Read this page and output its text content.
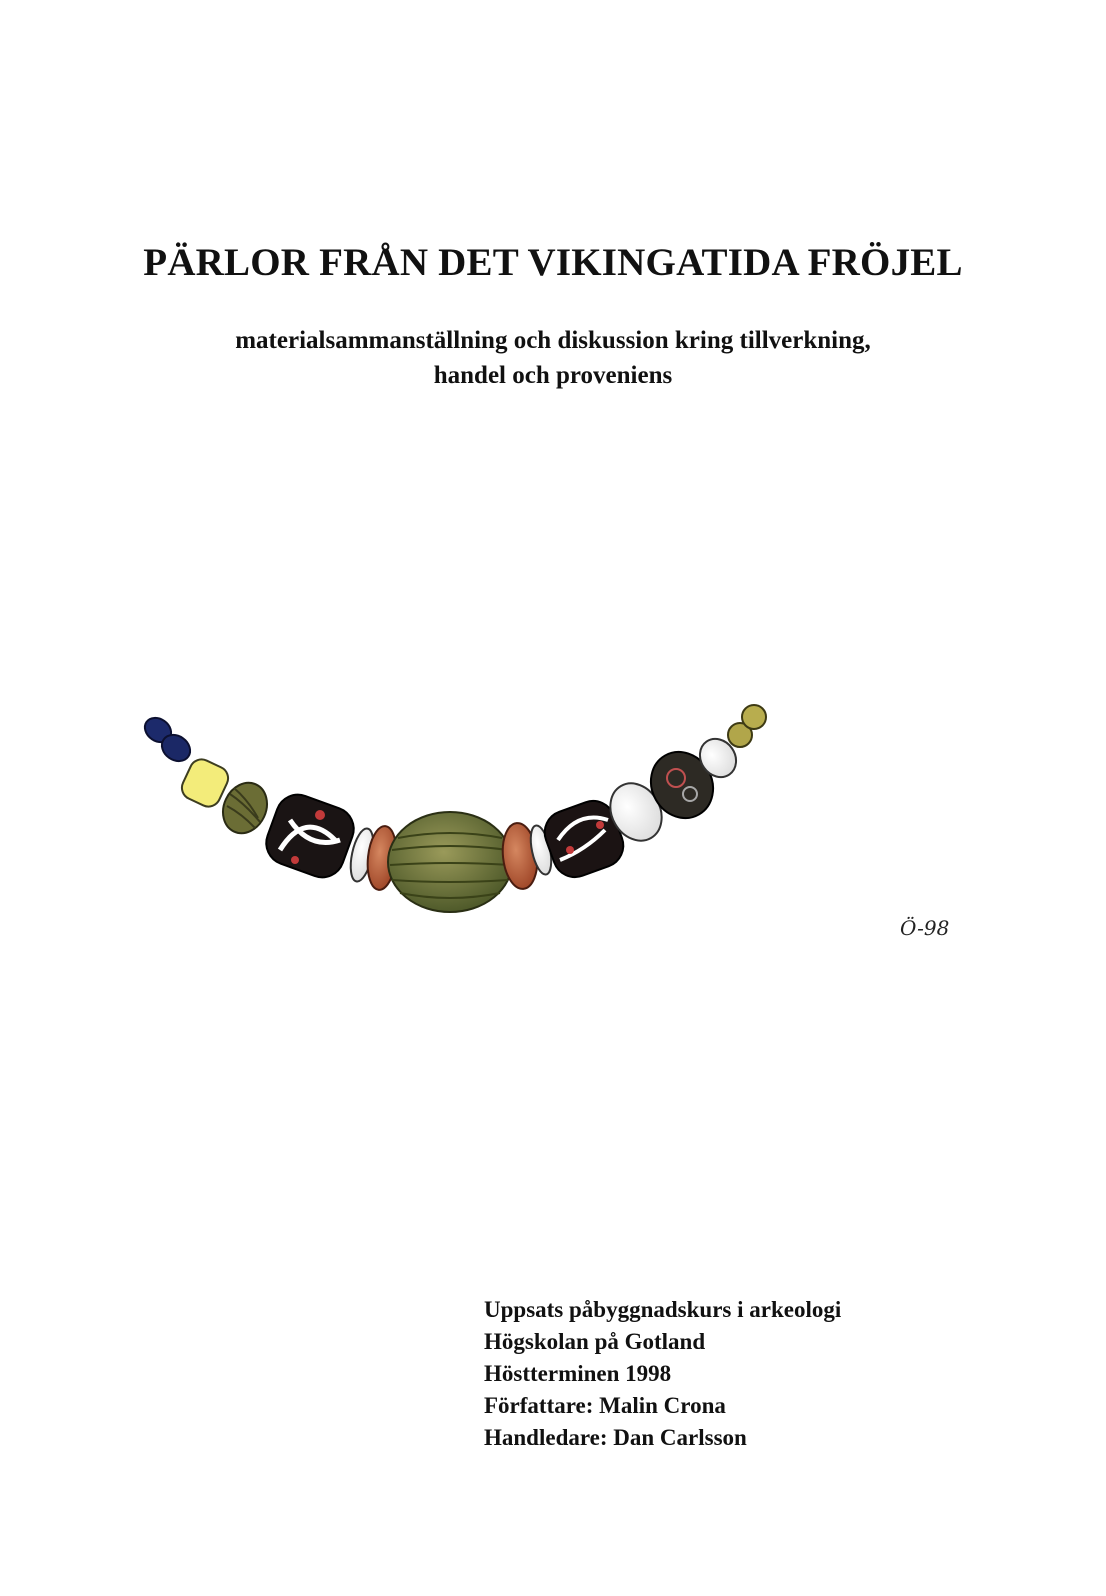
PÄRLOR FRÅN DET VIKINGATIDA FRÖJEL
materialsammanställning och diskussion kring tillverkning,
handel och proveniens
Ö-98
Uppsats påbyggnadskurs i arkeologi
Högskolan på Gotland
Höstterminen 1998
Författare: Malin Crona
Handledare: Dan Carlsson
